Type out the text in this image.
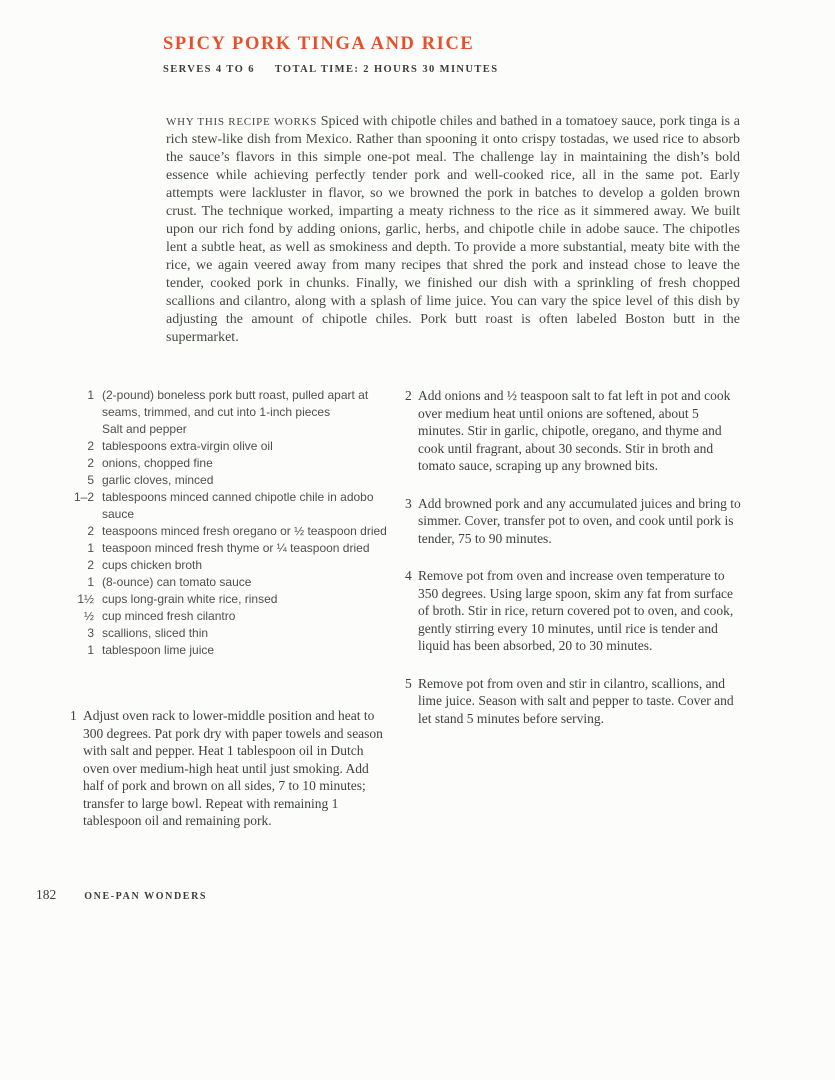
SPICY PORK TINGA AND RICE
SERVES 4 TO 6 TOTAL TIME: 2 HOURS 30 MINUTES

WHY THIS RECIPE WORKS Spiced with chipotle chiles and bathed in a tomatoey sauce, pork tinga is a rich stew-like dish from Mexico. Rather than spooning it onto crispy tostadas, we used rice to absorb the sauce’s flavors in this simple one-pot meal. The challenge lay in maintaining the dish’s bold essence while achieving perfectly tender pork and well-cooked rice, all in the same pot. Early attempts were lackluster in flavor, so we browned the pork in batches to develop a golden brown crust. The technique worked, imparting a meaty richness to the rice as it simmered away. We built upon our rich fond by adding onions, garlic, herbs, and chipotle chile in adobe sauce. The chipotles lent a subtle heat, as well as smokiness and depth. To provide a more substantial, meaty bite with the rice, we again veered away from many recipes that shred the pork and instead chose to leave the tender, cooked pork in chunks. Finally, we finished our dish with a sprinkling of fresh chopped scallions and cilantro, along with a splash of lime juice. You can vary the spice level of this dish by adjusting the amount of chipotle chiles. Pork butt roast is often labeled Boston butt in the supermarket.

1 (2-pound) boneless pork butt roast, pulled apart at seams, trimmed, and cut into 1-inch pieces
Salt and pepper
2 tablespoons extra-virgin olive oil
2 onions, chopped fine
5 garlic cloves, minced
1–2 tablespoons minced canned chipotle chile in adobo sauce
2 teaspoons minced fresh oregano or ½ teaspoon dried
1 teaspoon minced fresh thyme or ¼ teaspoon dried
2 cups chicken broth
1 (8-ounce) can tomato sauce
1½ cups long-grain white rice, rinsed
½ cup minced fresh cilantro
3 scallions, sliced thin
1 tablespoon lime juice
1 Adjust oven rack to lower-middle position and heat to 300 degrees. Pat pork dry with paper towels and season with salt and pepper. Heat 1 tablespoon oil in Dutch oven over medium-high heat until just smoking. Add half of pork and brown on all sides, 7 to 10 minutes; transfer to large bowl. Repeat with remaining 1 tablespoon oil and remaining pork.
2 Add onions and ½ teaspoon salt to fat left in pot and cook over medium heat until onions are softened, about 5 minutes. Stir in garlic, chipotle, oregano, and thyme and cook until fragrant, about 30 seconds. Stir in broth and tomato sauce, scraping up any browned bits.
3 Add browned pork and any accumulated juices and bring to simmer. Cover, transfer pot to oven, and cook until pork is tender, 75 to 90 minutes.
4 Remove pot from oven and increase oven temperature to 350 degrees. Using large spoon, skim any fat from surface of broth. Stir in rice, return covered pot to oven, and cook, gently stirring every 10 minutes, until rice is tender and liquid has been absorbed, 20 to 30 minutes.
5 Remove pot from oven and stir in cilantro, scallions, and lime juice. Season with salt and pepper to taste. Cover and let stand 5 minutes before serving.
182	ONE-PAN WONDERS
